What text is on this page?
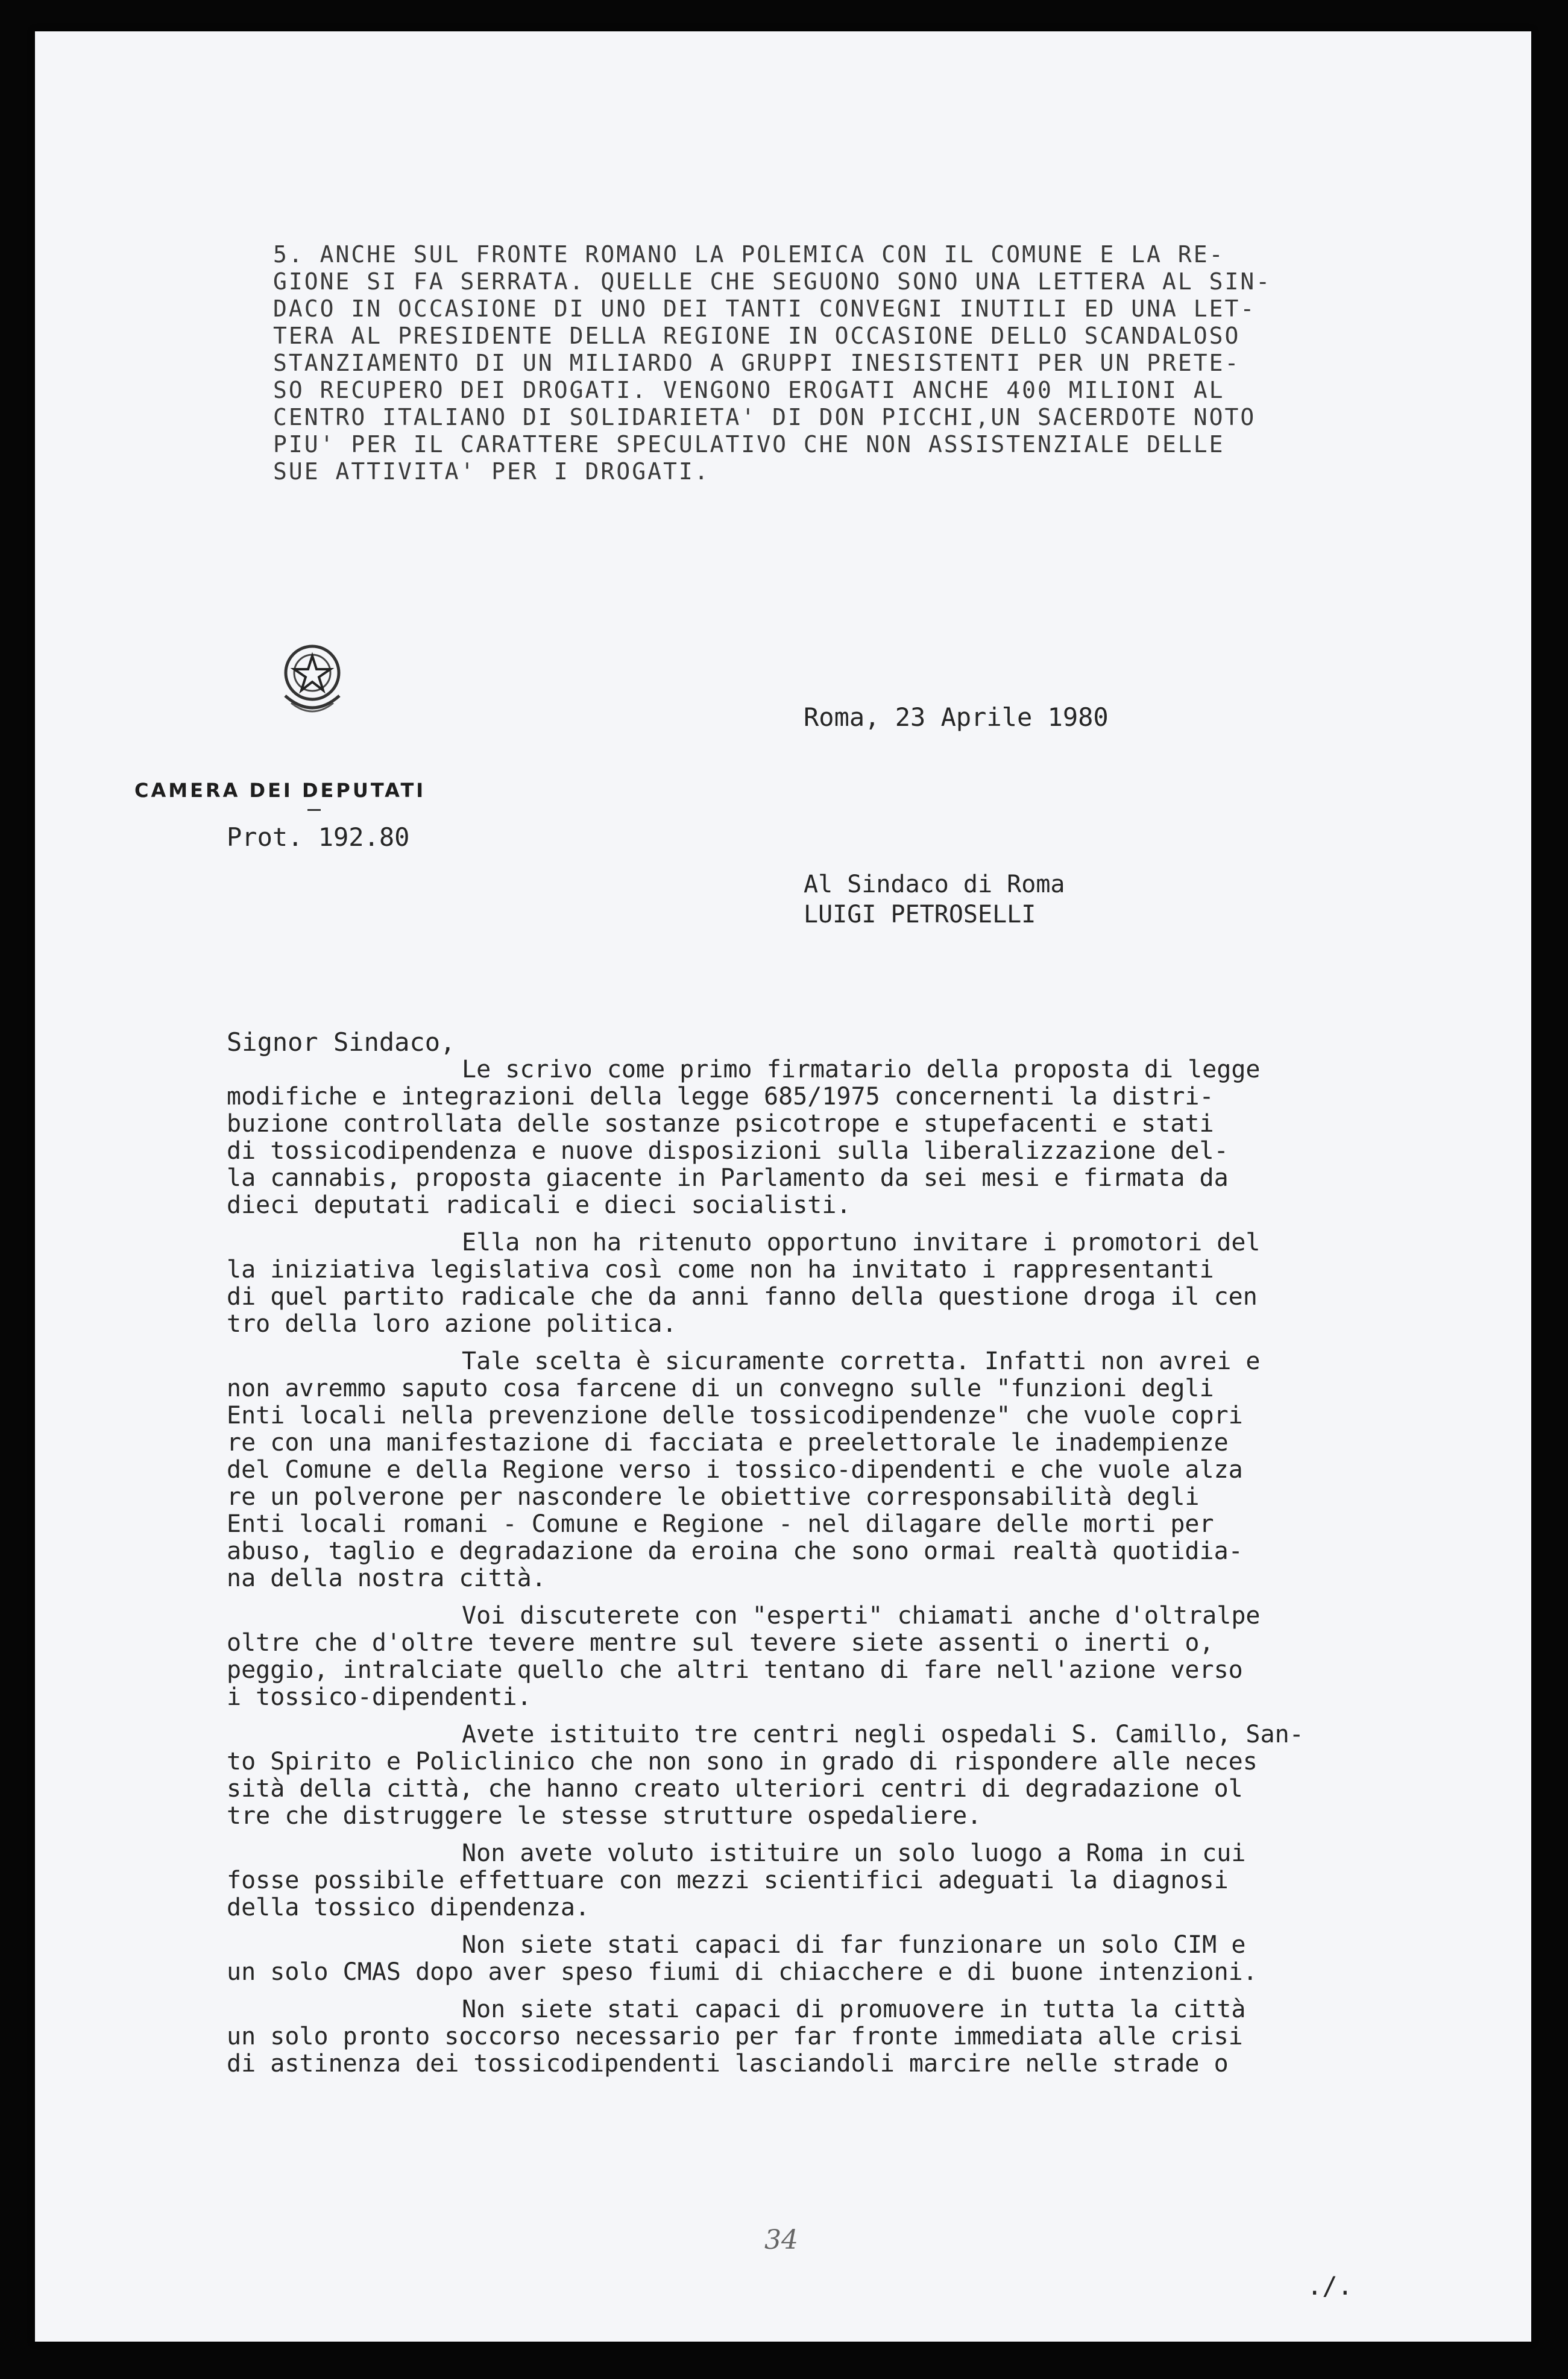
5. ANCHE SUL FRONTE ROMANO LA POLEMICA CON IL COMUNE E LA RE-
GIONE SI FA SERRATA. QUELLE CHE SEGUONO SONO UNA LETTERA AL SIN-
DACO IN OCCASIONE DI UNO DEI TANTI CONVEGNI INUTILI ED UNA LET-
TERA AL PRESIDENTE DELLA REGIONE IN OCCASIONE DELLO SCANDALOSO
STANZIAMENTO DI UN MILIARDO A GRUPPI INESISTENTI PER UN PRETE-
SO RECUPERO DEI DROGATI. VENGONO EROGATI ANCHE 400 MILIONI AL
CENTRO ITALIANO DI SOLIDARIETA' DI DON PICCHI,UN SACERDOTE NOTO
PIU' PER IL CARATTERE SPECULATIVO CHE NON ASSISTENZIALE DELLE
SUE ATTIVITA' PER I DROGATI.
CAMERA DEI DEPUTATI
Roma, 23 Aprile 1980
Prot. 192.80
Al Sindaco di Roma
LUIGI PETROSELLI
Signor Sindaco,
Le scrivo come primo firmatario della proposta di legge
modifiche e integrazioni della legge 685/1975 concernenti la distri-
buzione controllata delle sostanze psicotrope e stupefacenti e stati
di tossicodipendenza e nuove disposizioni sulla liberalizzazione del-
la cannabis, proposta giacente in Parlamento da sei mesi e firmata da
dieci deputati radicali e dieci socialisti.
Ella non ha ritenuto opportuno invitare i promotori del
la iniziativa legislativa così come non ha invitato i rappresentanti
di quel partito radicale che da anni fanno della questione droga il cen
tro della loro azione politica.
Tale scelta è sicuramente corretta. Infatti non avrei e
non avremmo saputo cosa farcene di un convegno sulle "funzioni degli
Enti locali nella prevenzione delle tossicodipendenze" che vuole copri
re con una manifestazione di facciata e preelettorale le inadempienze
del Comune e della Regione verso i tossico-dipendenti e che vuole alza
re un polverone per nascondere le obiettive corresponsabilità degli
Enti locali romani - Comune e Regione - nel dilagare delle morti per
abuso, taglio e degradazione da eroina che sono ormai realtà quotidia-
na della nostra città.
Voi discuterete con "esperti" chiamati anche d'oltralpe
oltre che d'oltre tevere mentre sul tevere siete assenti o inerti o,
peggio, intralciate quello che altri tentano di fare nell'azione verso
i tossico-dipendenti.
Avete istituito tre centri negli ospedali S. Camillo, San-
to Spirito e Policlinico che non sono in grado di rispondere alle neces
sità della città, che hanno creato ulteriori centri di degradazione ol
tre che distruggere le stesse strutture ospedaliere.
Non avete voluto istituire un solo luogo a Roma in cui
fosse possibile effettuare con mezzi scientifici adeguati la diagnosi
della tossico dipendenza.
Non siete stati capaci di far funzionare un solo CIM e
un solo CMAS dopo aver speso fiumi di chiacchere e di buone intenzioni.
Non siete stati capaci di promuovere in tutta la città
un solo pronto soccorso necessario per far fronte immediata alle crisi
di astinenza dei tossicodipendenti lasciandoli marcire nelle strade o
34
./.
